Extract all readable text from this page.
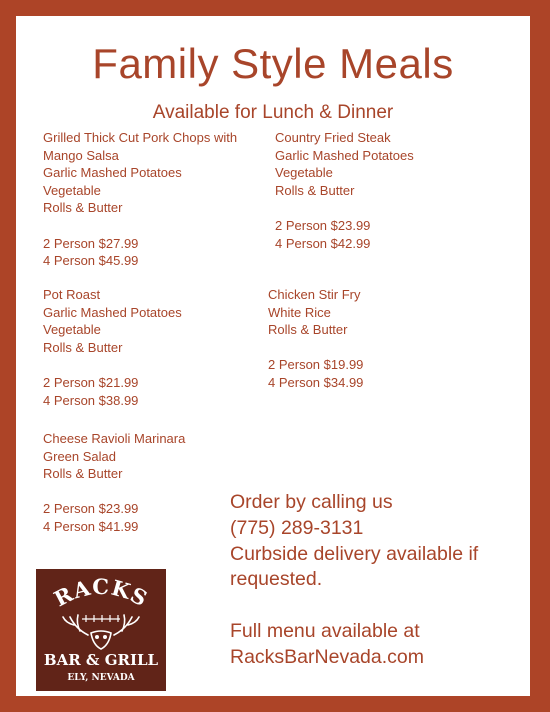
Family Style Meals
Available for Lunch & Dinner
Grilled Thick Cut Pork Chops with
Mango Salsa
Garlic Mashed Potatoes
Vegetable
Rolls & Butter
2 Person $27.99
4 Person $45.99
Country Fried Steak
Garlic Mashed Potatoes
Vegetable
Rolls & Butter
2 Person $23.99
4 Person $42.99
Pot Roast
Garlic Mashed Potatoes
Vegetable
Rolls & Butter
2 Person $21.99
4 Person $38.99
Chicken Stir Fry
White Rice
Rolls & Butter
2 Person $19.99
4 Person $34.99
Cheese Ravioli Marinara
Green Salad
Rolls & Butter
2 Person $23.99
4 Person $41.99
Order by calling us
(775) 289-3131
Curbside delivery available if
requested.
Full menu available at
RacksBarNevada.com
RACKS
BAR & GRILL
ELY, NEVADA
